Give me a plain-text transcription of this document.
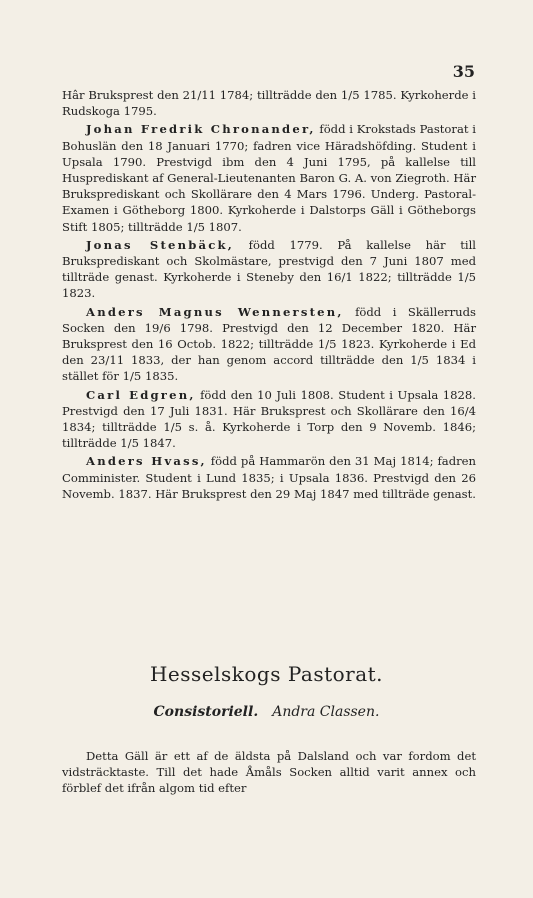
35

Hâr Bruksprest den 21/11 1784; tillträdde den 1/5 1785. Kyrkoherde i Rudskoga 1795.

Johan Fredrik Chronander, född i Krokstads Pastorat i Bohuslän den 18 Januari 1770; fadren vice Häradshöfding. Student i Upsala 1790. Prestvigd ibm den 4 Juni 1795, på kallelse till Husprediskant af General-Lieutenanten Baron G. A. von Ziegroth. Här Bruksprediskant och Skollärare den 4 Mars 1796. Underg. Pastoral-Examen i Götheborg 1800. Kyrkoherde i Dalstorps Gäll i Götheborgs Stift 1805; tillträdde 1/5 1807.

Jonas Stenbäck, född 1779. På kallelse här till Bruksprediskant och Skolmästare, prestvigd den 7 Juni 1807 med tillträde genast. Kyrkoherde i Steneby den 16/1 1822; tillträdde 1/5 1823.

Anders Magnus Wennersten, född i Skällerruds Socken den 19/6 1798. Prestvigd den 12 December 1820. Här Bruksprest den 16 Octob. 1822; tillträdde 1/5 1823. Kyrkoherde i Ed den 23/11 1833, der han genom accord tillträdde den 1/5 1834 i stället för 1/5 1835.

Carl Edgren, född den 10 Juli 1808. Student i Upsala 1828. Prestvigd den 17 Juli 1831. Här Bruksprest och Skollärare den 16/4 1834; tillträdde 1/5 s. å. Kyrkoherde i Torp den 9 Novemb. 1846; tillträdde 1/5 1847.

Anders Hvass, född på Hammarön den 31 Maj 1814; fadren Comminister. Student i Lund 1835; i Upsala 1836. Prestvigd den 26 Novemb. 1837. Här Bruksprest den 29 Maj 1847 med tillträde genast.

Hesselskogs Pastorat.
Consistoriell. Andra Classen.

Detta Gäll är ett af de äldsta på Dalsland och var fordom det vidsträcktaste. Till det hade Åmåls Socken alltid varit annex och förblef det ifrån algom tid efter
